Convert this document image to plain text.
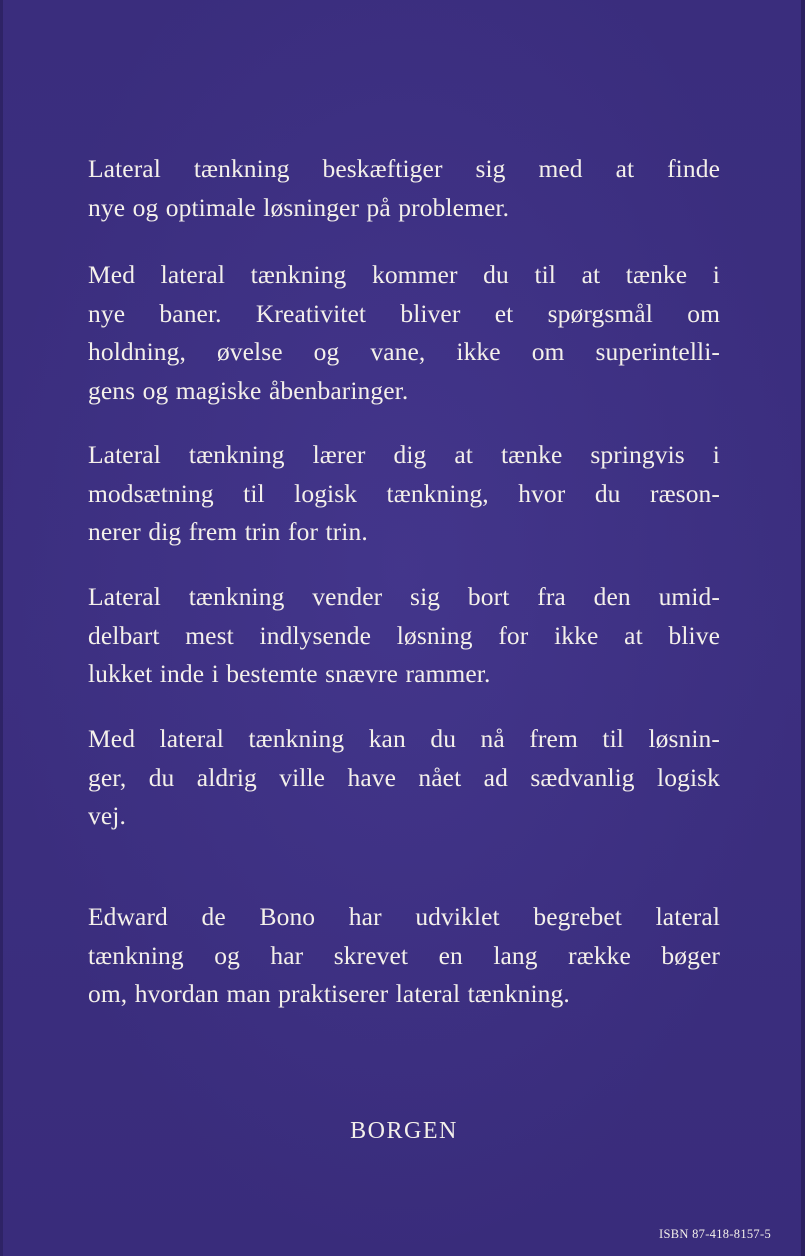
Lateral tænkning beskæftiger sig med at finde
nye og optimale løsninger på problemer.

Med lateral tænkning kommer du til at tænke i
nye baner. Kreativitet bliver et spørgsmål om
holdning, øvelse og vane, ikke om superintelli-
gens og magiske åbenbaringer.

Lateral tænkning lærer dig at tænke springvis i
modsætning til logisk tænkning, hvor du ræson-
nerer dig frem trin for trin.

Lateral tænkning vender sig bort fra den umid-
delbart mest indlysende løsning for ikke at blive
lukket inde i bestemte snævre rammer.

Med lateral tænkning kan du nå frem til løsnin-
ger, du aldrig ville have nået ad sædvanlig logisk
vej.

Edward de Bono har udviklet begrebet lateral
tænkning og har skrevet en lang række bøger
om, hvordan man praktiserer lateral tænkning.

BORGEN

ISBN 87-418-8157-5
